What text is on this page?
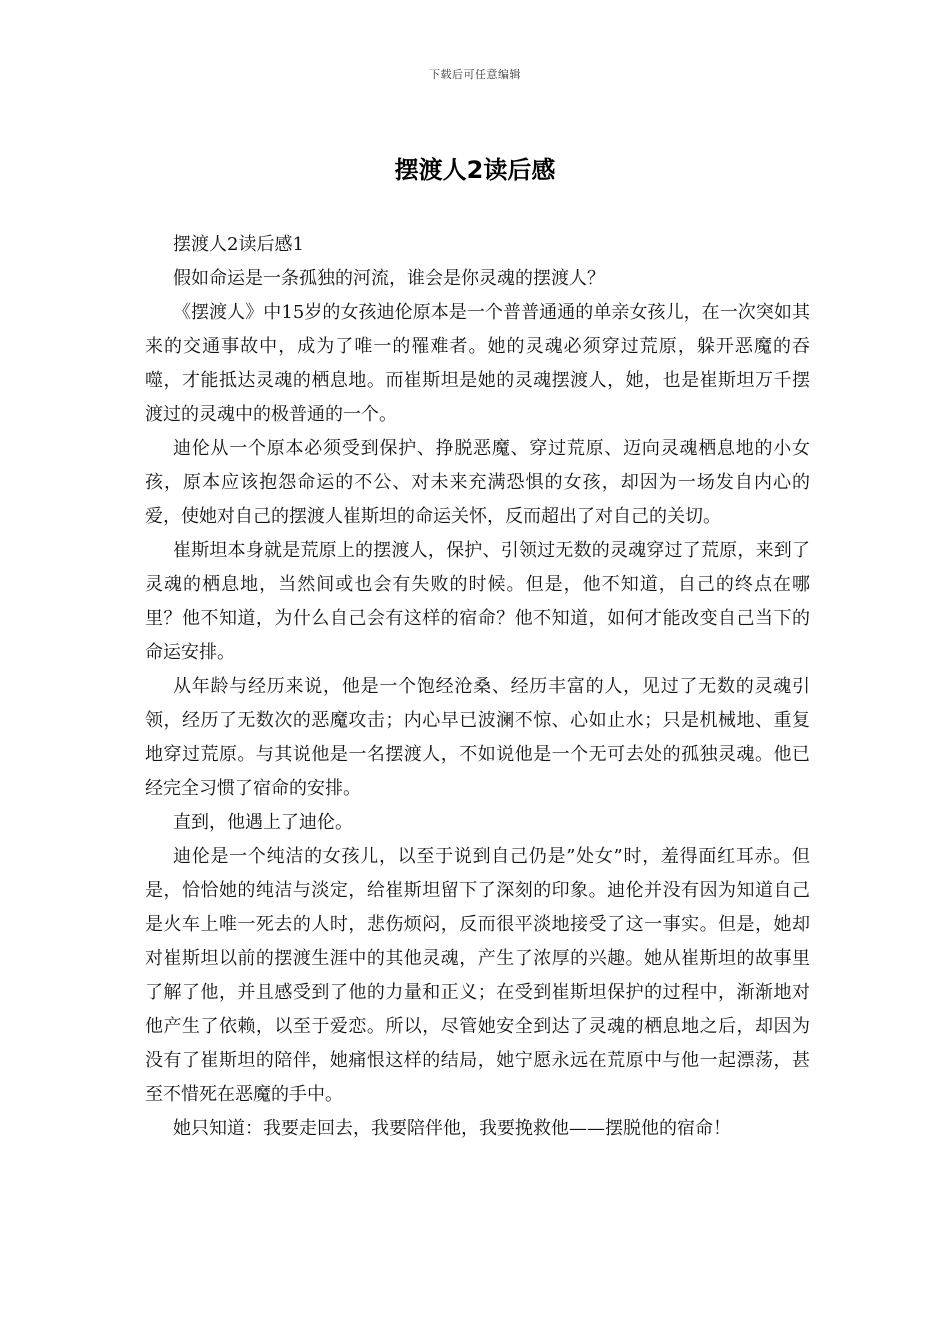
下载后可任意编辑
摆渡人2读后感

摆渡人2读后感1

假如命运是一条孤独的河流，谁会是你灵魂的摆渡人？

《摆渡人》中15岁的女孩迪伦原本是一个普普通通的单亲女孩儿，在一次突如其来的交通事故中，成为了唯一的罹难者。她的灵魂必须穿过荒原，躲开恶魔的吞噬，才能抵达灵魂的栖息地。而崔斯坦是她的灵魂摆渡人，她，也是崔斯坦万千摆渡过的灵魂中的极普通的一个。

迪伦从一个原本必须受到保护、挣脱恶魔、穿过荒原、迈向灵魂栖息地的小女孩，原本应该抱怨命运的不公、对未来充满恐惧的女孩，却因为一场发自内心的爱，使她对自己的摆渡人崔斯坦的命运关怀，反而超出了对自己的关切。

崔斯坦本身就是荒原上的摆渡人，保护、引领过无数的灵魂穿过了荒原，来到了灵魂的栖息地，当然间或也会有失败的时候。但是，他不知道，自己的终点在哪里？他不知道，为什么自己会有这样的宿命？他不知道，如何才能改变自己当下的命运安排。

从年龄与经历来说，他是一个饱经沧桑、经历丰富的人，见过了无数的灵魂引领，经历了无数次的恶魔攻击；内心早已波澜不惊、心如止水；只是机械地、重复地穿过荒原。与其说他是一名摆渡人，不如说他是一个无可去处的孤独灵魂。他已经完全习惯了宿命的安排。

直到，他遇上了迪伦。

迪伦是一个纯洁的女孩儿，以至于说到自己仍是”处女”时，羞得面红耳赤。但是，恰恰她的纯洁与淡定，给崔斯坦留下了深刻的印象。迪伦并没有因为知道自己是火车上唯一死去的人时，悲伤烦闷，反而很平淡地接受了这一事实。但是，她却对崔斯坦以前的摆渡生涯中的其他灵魂，产生了浓厚的兴趣。她从崔斯坦的故事里了解了他，并且感受到了他的力量和正义；在受到崔斯坦保护的过程中，渐渐地对他产生了依赖，以至于爱恋。所以，尽管她安全到达了灵魂的栖息地之后，却因为没有了崔斯坦的陪伴，她痛恨这样的结局，她宁愿永远在荒原中与他一起漂荡，甚至不惜死在恶魔的手中。

她只知道：我要走回去，我要陪伴他，我要挽救他——摆脱他的宿命！
